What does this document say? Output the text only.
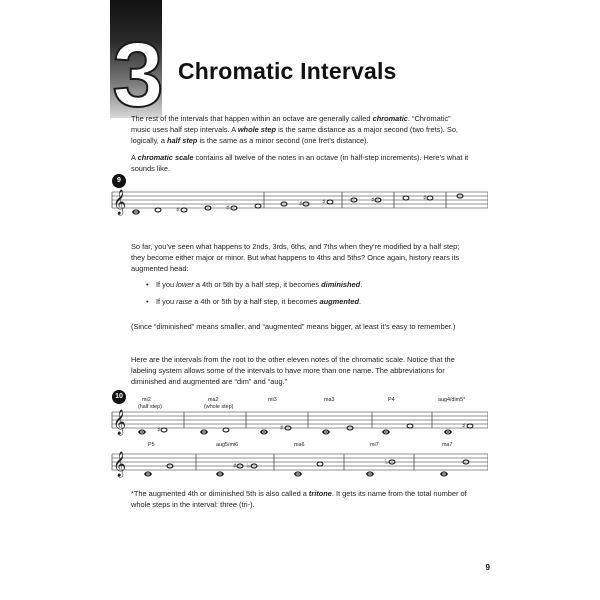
3 Chromatic Intervals
The rest of the intervals that happen within an octave are generally called chromatic. “Chromatic” music uses half step intervals. A whole step is the same distance as a major second (two frets). So, logically, a half step is the same as a minor second (one fret’s distance).
A chromatic scale contains all twelve of the notes in an octave (in half-step increments). Here’s what it sounds like.
9
𝄞	♯	♯	♯	♯	♯	♯
So far, you’ve seen what happens to 2nds, 3rds, 6ths, and 7ths when they’re modified by a half step; they become either major or minor. But what happens to 4ths and 5ths? Once again, history rears its augmented head:
• If you lower a 4th or 5th by a half step, it becomes diminished.
• If you raise a 4th or 5th by a half step, it becomes augmented.
(Since “diminished” means smaller, and “augmented” means bigger, at least it’s easy to remember.)
Here are the intervals from the root to the other eleven notes of the chromatic scale. Notice that the labeling system allows some of the intervals to have more than one name. The abbreviations for diminished and augmented are “dim” and “aug.”
10	mi2
(half step)
ma2
(whole step)
mi3	ma3	P4	aug4/dim5*
𝄞	♯	♯	♯
P5	aug5/mi6	ma6	mi7	ma7
𝄞	♯ ♭	♭
*The augmented 4th or diminished 5th is also called a tritone. It gets its name from the total number of whole steps in the interval: three (tri-).
9
